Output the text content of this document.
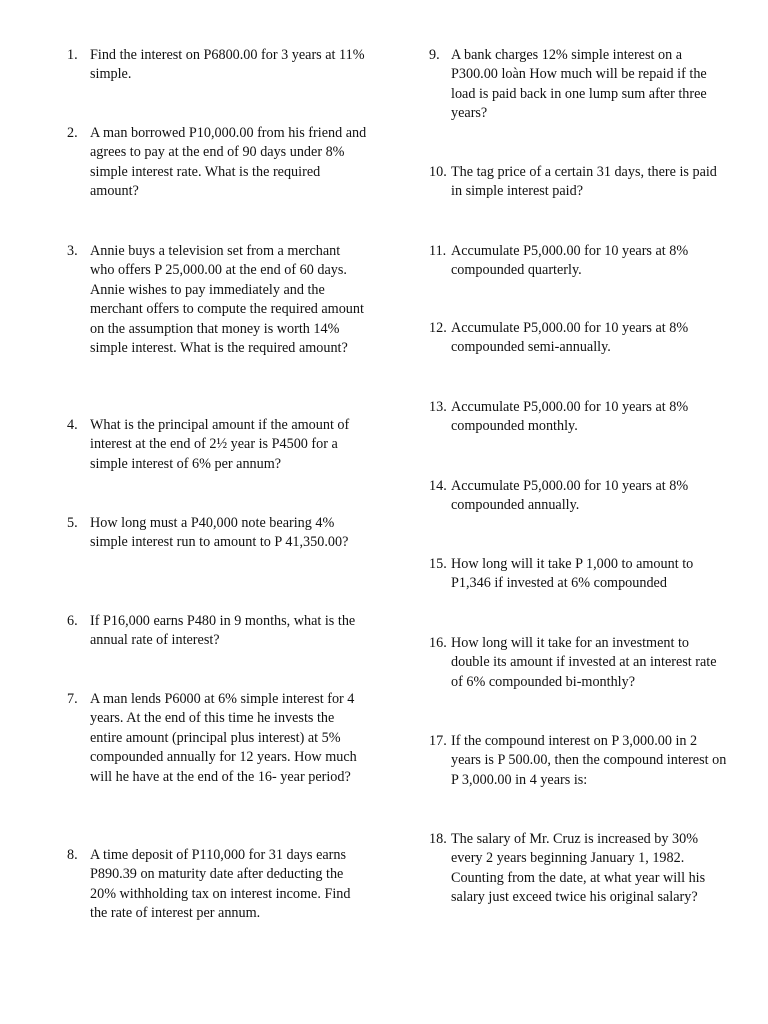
1. Find the interest on P6800.00 for 3 years at 11% simple.
2. A man borrowed P10,000.00 from his friend and agrees to pay at the end of 90 days under 8% simple interest rate. What is the required amount?
3. Annie buys a television set from a merchant who offers P 25,000.00 at the end of 60 days. Annie wishes to pay immediately and the merchant offers to compute the required amount on the assumption that money is worth 14% simple interest. What is the required amount?
4. What is the principal amount if the amount of interest at the end of 2½ year is P4500 for a simple interest of 6% per annum?
5. How long must a P40,000 note bearing 4% simple interest run to amount to P 41,350.00?
6. If P16,000 earns P480 in 9 months, what is the annual rate of interest?
7. A man lends P6000 at 6% simple interest for 4 years. At the end of this time he invests the entire amount (principal plus interest) at 5% compounded annually for 12 years. How much will he have at the end of the 16- year period?
8. A time deposit of P110,000 for 31 days earns P890.39 on maturity date after deducting the 20% withholding tax on interest income. Find the rate of interest per annum.
9. A bank charges 12% simple interest on a P300.00 loàn How much will be repaid if the load is paid back in one lump sum after three years?
10. The tag price of a certain 31 days, there is paid in simple interest paid?
11. Accumulate P5,000.00 for 10 years at 8% compounded quarterly.
12. Accumulate P5,000.00 for 10 years at 8% compounded semi-annually.
13. Accumulate P5,000.00 for 10 years at 8% compounded monthly.
14. Accumulate P5,000.00 for 10 years at 8% compounded annually.
15. How long will it take P 1,000 to amount to P1,346 if invested at 6% compounded
16. How long will it take for an investment to double its amount if invested at an interest rate of 6% compounded bi-monthly?
17. If the compound interest on P 3,000.00 in 2 years is P 500.00, then the compound interest on P 3,000.00 in 4 years is:
18. The salary of Mr. Cruz is increased by 30% every 2 years beginning January 1, 1982. Counting from the date, at what year will his salary just exceed twice his original salary?
